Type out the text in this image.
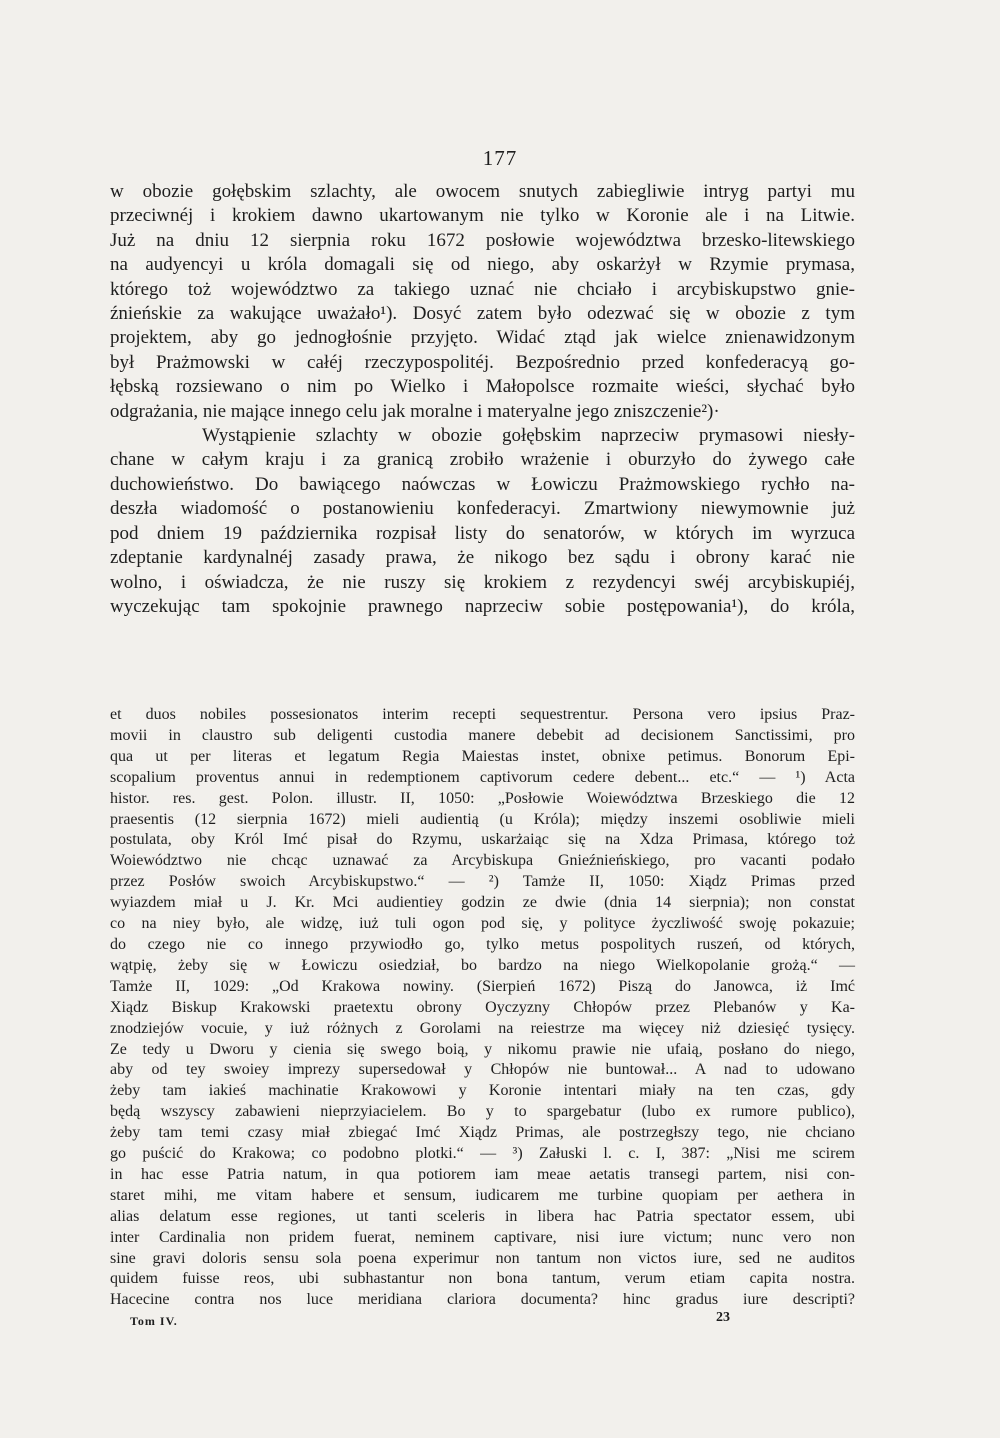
177
w obozie gołębskim szlachty, ale owocem snutych zabiegliwie intryg partyi mu
przeciwnéj i krokiem dawno ukartowanym nie tylko w Koronie ale i na Litwie.
Już na dniu 12 sierpnia roku 1672 posłowie województwa brzesko-litewskiego
na audyencyi u króla domagali się od niego, aby oskarżył w Rzymie prymasa,
którego toż województwo za takiego uznać nie chciało i arcybiskupstwo gnie-
źnieńskie za wakujące uważało¹). Dosyć zatem było odezwać się w obozie z tym
projektem, aby go jednogłośnie przyjęto. Widać ztąd jak wielce znienawidzonym
był Prażmowski w całéj rzeczypospolitéj. Bezpośrednio przed konfederacyą go-
łębską rozsiewano o nim po Wielko i Małopolsce rozmaite wieści, słychać było
odgrażania, nie mające innego celu jak moralne i materyalne jego zniszczenie²)·
Wystąpienie szlachty w obozie gołębskim naprzeciw prymasowi niesły-
chane w całym kraju i za granicą zrobiło wrażenie i oburzyło do żywego całe
duchowieństwo. Do bawiącego naówczas w Łowiczu Prażmowskiego rychło na-
deszła wiadomość o postanowieniu konfederacyi. Zmartwiony niewymownie już
pod dniem 19 października rozpisał listy do senatorów, w których im wyrzuca
zdeptanie kardynalnéj zasady prawa, że nikogo bez sądu i obrony karać nie
wolno, i oświadcza, że nie ruszy się krokiem z rezydencyi swéj arcybiskupiéj,
wyczekując tam spokojnie prawnego naprzeciw sobie postępowania¹), do króla,
et duos nobiles possesionatos interim recepti sequestrentur. Persona vero ipsius Praz-
movii in claustro sub deligenti custodia manere debebit ad decisionem Sanctissimi, pro
qua ut per literas et legatum Regia Maiestas instet, obnixe petimus. Bonorum Epi-
scopalium proventus annui in redemptionem captivorum cedere debent... etc.“ — ¹) Acta
histor. res. gest. Polon. illustr. II, 1050: „Posłowie Woiewództwa Brzeskiego die 12
praesentis (12 sierpnia 1672) mieli audientią (u Króla); między inszemi osobliwie mieli
postulata, oby Król Imć pisał do Rzymu, uskarżaiąc się na Xdza Primasa, którego toż
Woiewództwo nie chcąc uznawać za Arcybiskupa Gnieźnieńskiego, pro vacanti podało
przez Posłów swoich Arcybiskupstwo.“ — ²) Tamże II, 1050: Xiądz Primas przed
wyiazdem miał u J. Kr. Mci audientiey godzin ze dwie (dnia 14 sierpnia); non constat
co na niey było, ale widzę, iuż tuli ogon pod się, y polityce życzliwość swoję pokazuie;
do czego nie co innego przywiodło go, tylko metus pospolitych ruszeń, od których,
wątpię, żeby się w Łowiczu osiedział, bo bardzo na niego Wielkopolanie grożą.“ —
Tamże II, 1029: „Od Krakowa nowiny. (Sierpień 1672) Piszą do Janowca, iż Imć
Xiądz Biskup Krakowski praetextu obrony Oyczyzny Chłopów przez Plebanów y Ka-
znodziejów vocuie, y iuż różnych z Gorolami na reiestrze ma więcey niż dziesięć tysięcy.
Ze tedy u Dworu y cienia się swego boią, y nikomu prawie nie ufaią, posłano do niego,
aby od tey swoiey imprezy supersedował y Chłopów nie buntował... A nad to udowano
żeby tam iakieś machinatie Krakowowi y Koronie intentari miały na ten czas, gdy
będą wszyscy zabawieni nieprzyiacielem. Bo y to spargebatur (lubo ex rumore publico),
żeby tam temi czasy miał zbiegać Imć Xiądz Primas, ale postrzegłszy tego, nie chciano
go puścić do Krakowa; co podobno plotki.“ — ³) Załuski l. c. I, 387: „Nisi me scirem
in hac esse Patria natum, in qua potiorem iam meae aetatis transegi partem, nisi con-
staret mihi, me vitam habere et sensum, iudicarem me turbine quopiam per aethera in
alias delatum esse regiones, ut tanti sceleris in libera hac Patria spectator essem, ubi
inter Cardinalia non pridem fuerat, neminem captivare, nisi iure victum; nunc vero non
sine gravi doloris sensu sola poena experimur non tantum non victos iure, sed ne auditos
quidem fuisse reos, ubi subhastantur non bona tantum, verum etiam capita nostra.
Hacecine contra nos luce meridiana clariora documenta? hinc gradus iure descripti?
Tom IV.	23
